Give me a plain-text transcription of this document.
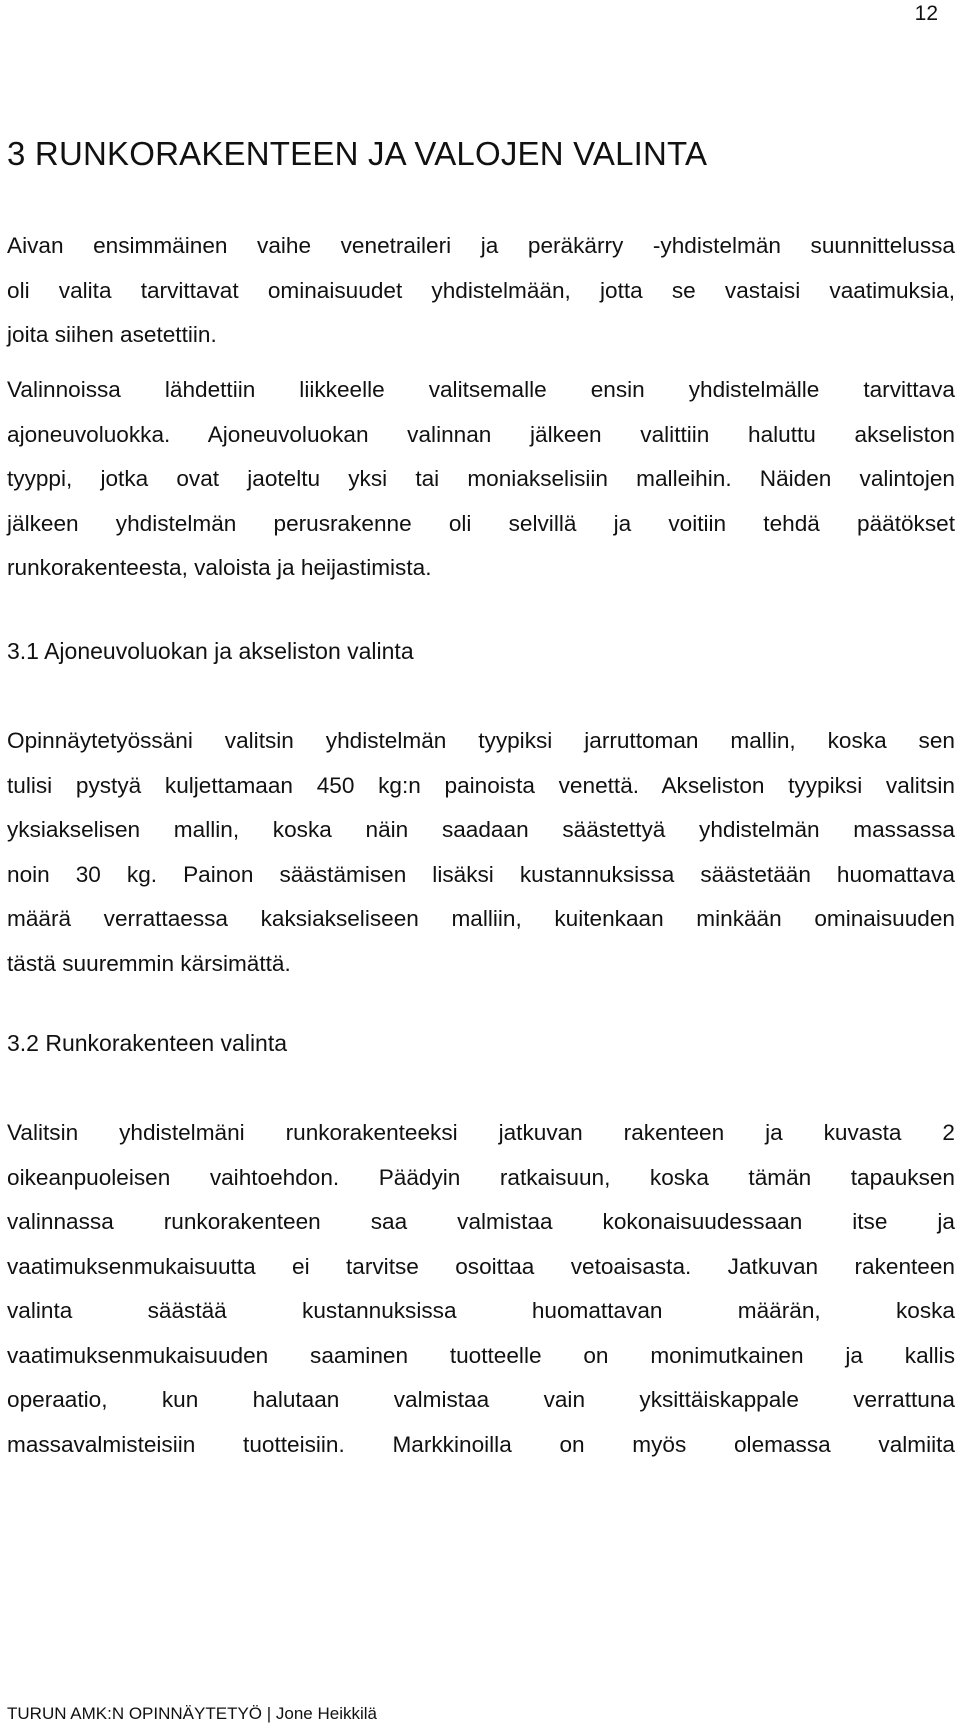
12
3 RUNKORAKENTEEN JA VALOJEN VALINTA
Aivan ensimmäinen vaihe venetraileri ja peräkärry -yhdistelmän suunnittelussa
oli valita tarvittavat ominaisuudet yhdistelmään, jotta se vastaisi vaatimuksia,
joita siihen asetettiin.
Valinnoissa lähdettiin liikkeelle valitsemalle ensin yhdistelmälle tarvittava
ajoneuvoluokka. Ajoneuvoluokan valinnan jälkeen valittiin haluttu akseliston
tyyppi, jotka ovat jaoteltu yksi tai moniakselisiin malleihin. Näiden valintojen
jälkeen yhdistelmän perusrakenne oli selvillä ja voitiin tehdä päätökset
runkorakenteesta, valoista ja heijastimista.
3.1 Ajoneuvoluokan ja akseliston valinta
Opinnäytetyössäni valitsin yhdistelmän tyypiksi jarruttoman mallin, koska sen
tulisi pystyä kuljettamaan 450 kg:n painoista venettä. Akseliston tyypiksi valitsin
yksiakselisen mallin, koska näin saadaan säästettyä yhdistelmän massassa
noin 30 kg. Painon säästämisen lisäksi kustannuksissa säästetään huomattava
määrä verrattaessa kaksiakseliseen malliin, kuitenkaan minkään ominaisuuden
tästä suuremmin kärsimättä.
3.2 Runkorakenteen valinta
Valitsin yhdistelmäni runkorakenteeksi jatkuvan rakenteen ja kuvasta 2
oikeanpuoleisen vaihtoehdon. Päädyin ratkaisuun, koska tämän tapauksen
valinnassa runkorakenteen saa valmistaa kokonaisuudessaan itse ja
vaatimuksenmukaisuutta ei tarvitse osoittaa vetoaisasta. Jatkuvan rakenteen
valinta säästää kustannuksissa huomattavan määrän, koska
vaatimuksenmukaisuuden saaminen tuotteelle on monimutkainen ja kallis
operaatio, kun halutaan valmistaa vain yksittäiskappale verrattuna
massavalmisteisiin tuotteisiin. Markkinoilla on myös olemassa valmiita
TURUN AMK:N OPINNÄYTETYÖ | Jone Heikkilä
